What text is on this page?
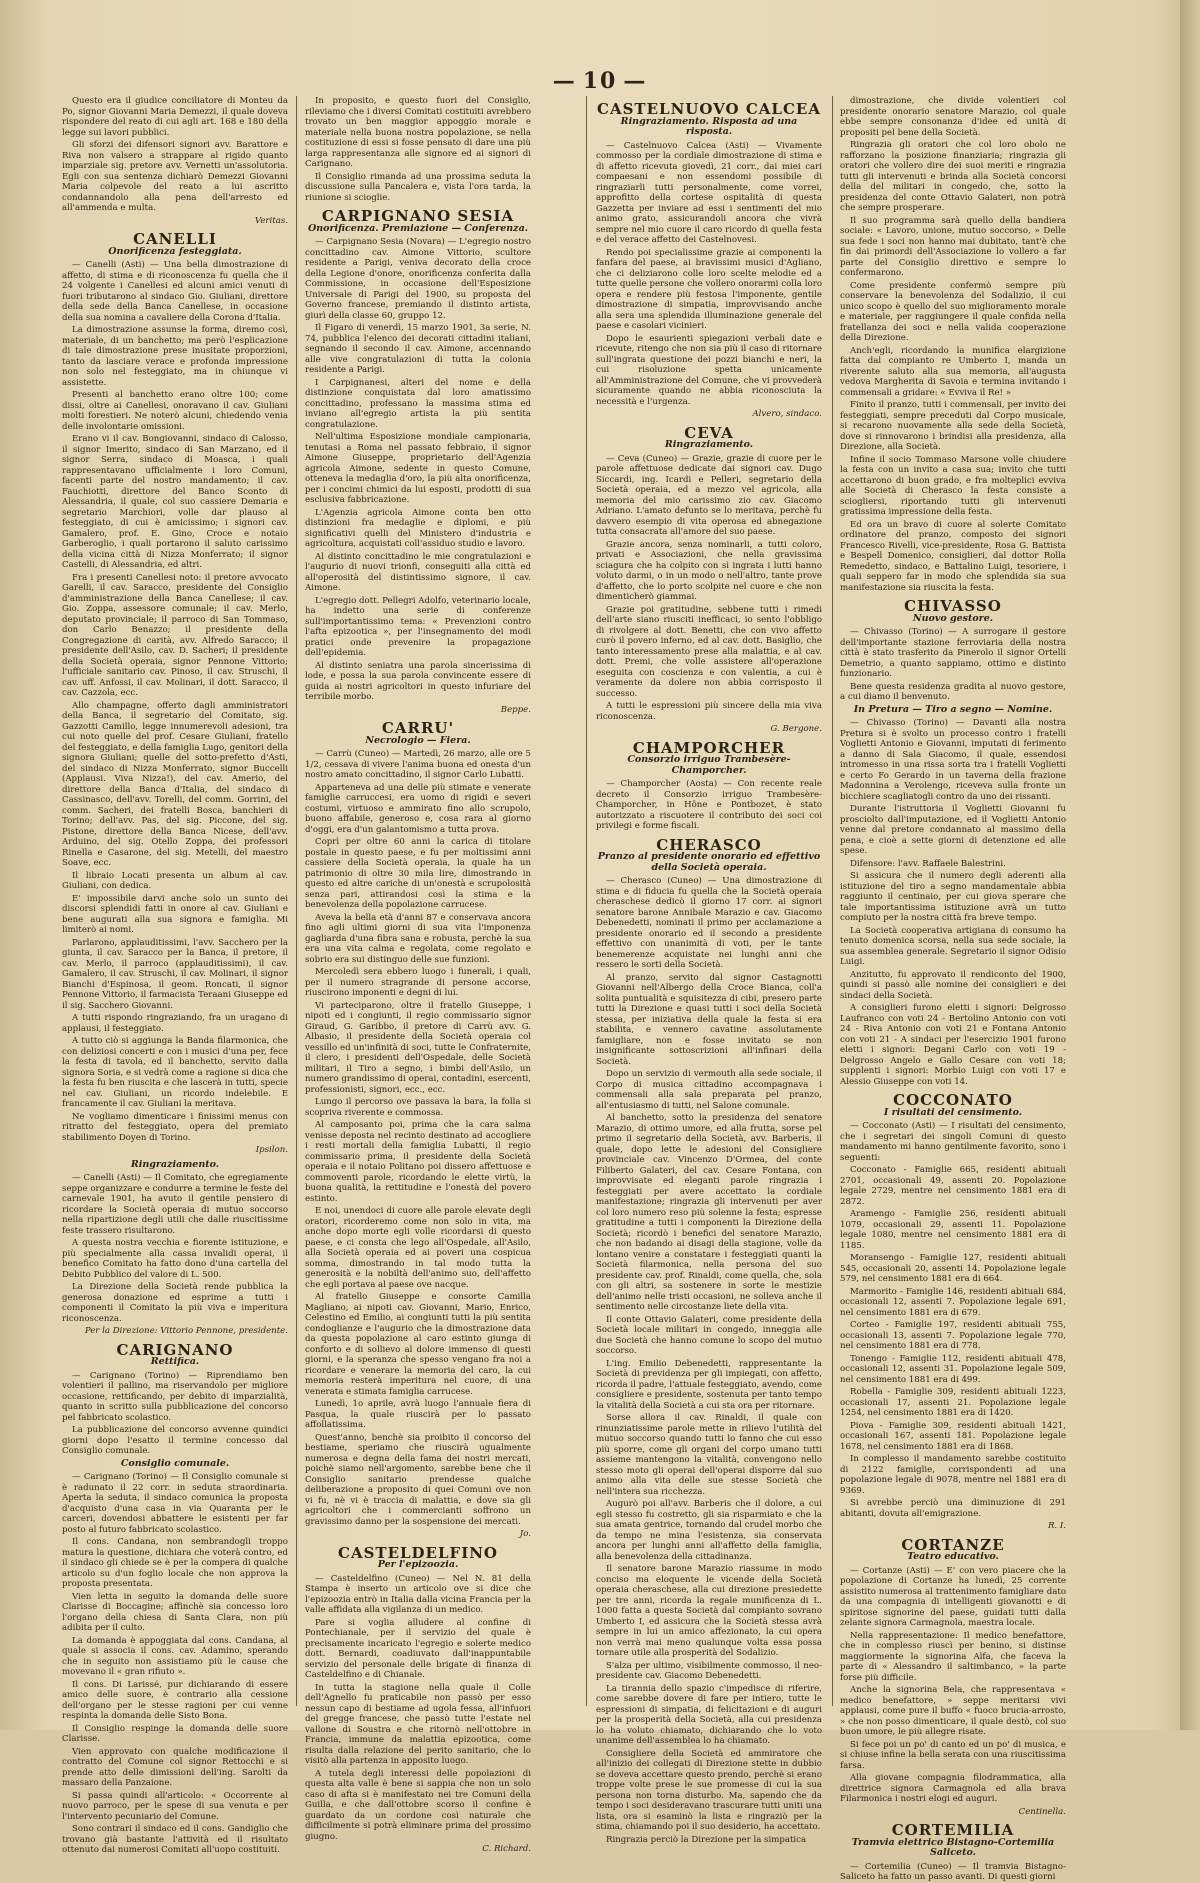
— 10 —

Questo era il giudice conciliatore di Monteu da Po, signor Giovanni Maria Demezzi, il quale doveva rispondere del reato di cui agli art. 168 e 180 della legge sui lavori pubblici.

Gli sforzi dei difensori signori avv. Barattore e Riva non valsero a strappare al rigido quanto imparziale sig. pretore avv. Vernetti un'assolutoria. Egli con sua sentenza dichiarò Demezzi Giovanni Maria colpevole del reato a lui ascritto condannandolo alla pena dell'arresto ed all'ammenda e multa.

Veritas.
CANELLI
Onorificenza festeggiata.

— Canelli (Asti) — Una bella dimostrazione di affetto, di stima e di riconoscenza fu quella che il 24 volgente i Canellesi ed alcuni amici venuti di fuori tributarono al sindaco Gio. Giuliani, direttore della sede della Banca Canellese, in occasione della sua nomina a cavaliere della Corona d'Italia.

La dimostrazione assunse la forma, diremo così, materiale, di un banchetto; ma però l'esplicazione di tale dimostrazione prese inusitate proporzioni, tanto da lasciare verace e profonda impressione non solo nel festeggiato, ma in chiunque vi assistette.

Presenti al banchetto erano oltre 100; come dissi, oltre ai Canellesi, onoravano il cav. Giuliani molti forestieri. Ne noterò alcuni, chiedendo venia delle involontarie omissioni.

Erano vi il cav. Bongiovanni, sindaco di Calosso, il signor Imerito, sindaco di San Marzano, ed il signor Serra, sindaco di Moasca, i quali rappresentavano ufficialmente i loro Comuni, facenti parte del nostro mandamento; il cav. Fauchiotti, direttore del Banco Sconto di Alessandria, il quale, col suo cassiere Demaria e segretario Marchiori, volle dar plauso al festeggiato, di cui è amicissimo; i signori cav. Gamalero, prof. E. Gino, Croce e notaio Garberoglio, i quali portarono il saluto carissimo della vicina città di Nizza Monferrato; il signor Castelli, di Alessandria, ed altri.

Fra i presenti Canellesi noto: il pretore avvocato Garelli, il cav. Saracco, presidente del Consiglio d'amministrazione della Banca Canellese; il cav. Gio. Zoppa, assessore comunale; il cav. Merlo, deputato provinciale; il parroco di San Tommaso, don Carlo Benazzo; il presidente della Congregazione di carità, avv. Alfredo Saracco; il presidente dell'Asilo, cav. D. Sacheri; il presidente della Società operaia, signor Pennone Vittorio; l'ufficiale sanitario cav. Pinoso, il cav. Struschi, il cav. uff. Anfossi, il cav. Molinari, il dott. Saracco, il cav. Cazzola, ecc.

Allo champagne, offerto dagli amministratori della Banca, il segretario del Comitato, sig. Gazzotti Camillo, legge innumerevoli adesioni, tra cui noto quelle del prof. Cesare Giuliani, fratello del festeggiato, e della famiglia Lugo, genitori della signora Giuliani; quelle del sotto-prefetto d'Asti, del sindaco di Nizza Monferrato, signor Buccelli (Applausi. Viva Nizza!), del cav. Amerio, del direttore della Banca d'Italia, del sindaco di Cassinasco, dell'avv. Torelli, del comm. Gorrini, del comm. Sacheri, dei fratelli Bosca, banchieri di Torino; dell'avv. Pas, del sig. Piccone, del sig. Pistone, direttore della Banca Nicese, dell'avv. Arduino, del sig. Otello Zoppa, dei professori Rinella e Casarone, del sig. Metelli, del maestro Soave, ecc.

Il libraio Locati presenta un album al cav. Giuliani, con dedica.

E' impossibile darvi anche solo un sunto dei discorsi splendidi fatti in onore al cav. Giuliani e bene augurati alla sua signora e famiglia. Mi limiterò ai nomi.

Parlarono, applauditissimi, l'avv. Sacchero per la giunta, il cav. Saracco per la Banca, il pretore, il cav. Merlo, il parroco (applauditissimi), il cav. Gamalero, il cav. Struschi, il cav. Molinari, il signor Bianchi d'Espinosa, il geom. Roncati, il signor Pennone Vittorio, il farmacista Teraani Giuseppe ed il sig. Sacchero Giovanni.

A tutti rispondo ringraziando, fra un uragano di applausi, il festeggiato.

A tutto ciò si aggiunga la Banda filarmonica, che con deliziosi concerti e con i musici d'una per, fece la festa di tavola, ed il banchetto, servito dalla signora Soria, e si vedrà come a ragione si dica che la festa fu ben riuscita e che lascerà in tutti, specie nel cav. Giuliani, un ricordo indelebile. E francamente il cav. Giuliani la meritava.

Ne vogliamo dimenticare i finissimi menus con ritratto del festeggiato, opera del premiato stabilimento Doyen di Torino.

Ipsilon.
Ringraziamento.

— Canelli (Asti) — Il Comitato, che egregiamente seppe organizzare e condurre a termine le feste del carnevale 1901, ha avuto il gentile pensiero di ricordare la Società operaia di mutuo soccorso nella ripartizione degli utili che dalle riuscitissime feste trassero risultarono.

A questa nostra vecchia e fiorente istituzione, e più specialmente alla cassa invalidi operai, il benefico Comitato ha fatto dono d'una cartella del Debito Pubblico del valore di L. 500.

La Direzione della Società rende pubblica la generosa donazione ed esprime a tutti i componenti il Comitato la più viva e imperitura riconoscenza.

Per la Direzione: Vittorio Pennone, presidente.
CARIGNANO
Rettifica.

— Carignano (Torino) — Riprendiamo ben volentieri il pallino, ma riservandolo per migliore occasione, rettificando, per debito di imparzialità, quanto in scritto sulla pubblicazione del concorso pel fabbricato scolastico.

La pubblicazione del concorso avvenne quindici giorni dopo l'esatto il termine concesso dal Consiglio comunale.

Consiglio comunale.

— Carignano (Torino) — Il Consiglio comunale si è radunato il 22 corr. in seduta straordinaria. Aperta la seduta, il sindaco comunica la proposta d'acquisto d'una casa in via Quaranta per le carceri, dovendosi abbattere le esistenti per far posto al futuro fabbricato scolastico.

Il cons. Candana, non sembrandogli troppo matura la questione, dichiara che voterà contro, ed il sindaco gli chiede se è per la compera di qualche articolo su d'un foglio locale che non approva la proposta presentata.

Vien letta in seguito la domanda delle suore Clarisse di Boccagine; affinchè sia concesso loro l'organo della chiesa di Santa Clara, non più adibita per il culto.

La domanda è appoggiata dal cons. Candana, al quale si associa il cons. cav. Adamino, sperando che in seguito non assistiamo più le cause che movevano il « gran rifiuto ».

Il cons. Di Larissé, pur dichiarando di essere amico delle suore, è contrario alla cessione dell'organo per le stesse ragioni per cui venne respinta la domanda delle Sisto Bona.

Il Consiglio respinge la domanda delle suore Clarisse.

Vien approvato con qualche modificazione il contratto del Comune col signor Rettocchi e si prende atto delle dimissioni dell'ing. Sarolti da massaro della Panzaione.

Si passa quindi all'articolo: « Occorrente al nuovo parroco, per le spese di sua venuta e per l'intervento pecuniario del Comune.

Sono contrari il sindaco ed il cons. Gandiglio che trovano già bastante l'attività ed il risultato ottenuto dai numerosi Comitati all'uopo costituiti.

In proposito, e questo fuori del Consiglio, rileviamo che i diversi Comitati costituiti avrebbero trovato un ben maggior appoggio morale e materiale nella buona nostra popolazione, se nella costituzione di essi si fosse pensato di dare una più larga rappresentanza alle signore ed ai signori di Carignano.

Il Consiglio rimanda ad una prossima seduta la discussione sulla Pancalera e, vista l'ora tarda, la riunione si scioglie.

CARPIGNANO SESIA
Onorificenza. Premiazione — Conferenza.

— Carpignano Sesia (Novara) — L'egregio nostro concittadino cav. Aimone Vittorio, scultore residente a Parigi, veniva decorato della croce della Legione d'onore, onorificenza conferita dalla Commissione, in occasione dell'Esposizione Universale di Parigi del 1900, su proposta del Governo francese, premiando il distinto artista, giurì della classe 60, gruppo 12.

Il Figaro di venerdì, 15 marzo 1901, 3a serie, N. 74, pubblica l'elenco dei decorati cittadini italiani, segnando il secondo il cav. Aimone, accennando alle vive congratulazioni di tutta la colonia residente a Parigi.

I Carpignanesi, alteri del nome e della distinzione conquistata dal loro amatissimo concittadino, professano la massima stima ed inviano all'egregio artista la più sentita congratulazione.

Nell'ultima Esposizione mondiale campionaria, tenutasi a Roma nel passato febbraio, il signor Aimone Giuseppe, proprietario dell'Agenzia agricola Aimone, sedente in questo Comune, otteneva la medaglia d'oro, la più alta onorificenza, per i concimi chimici da lui esposti, prodotti di sua esclusiva fabbricazione.

L'Agenzia agricola Aimone conta ben otto distinzioni fra medaglie e diplomi, e più significativi quelli del Ministero d'industria e agricoltura, acquistati coll'assiduo studio e lavoro.

Al distinto concittadino le mie congratulazioni e l'augurio di nuovi trionfi, conseguiti alla città ed all'operosità del distintissimo signore, il cav. Aimone.

L'egregio dott. Pellegri Adolfo, veterinario locale, ha indetto una serie di conferenze sull'importantissimo tema: « Prevenzioni contro l'afta epizootica », per l'insegnamento dei modi pratici onde prevenire la propagazione dell'epidemia.

Al distinto seniatra una parola sincerissima di lode, e possa la sua parola convincente essere di guida ai nostri agricoltori in questo infuriare del terribile morbo.

Beppe.
CARRU'
Necrologio — Fiera.

— Carrù (Cuneo) — Martedì, 26 marzo, alle ore 5 1/2, cessava di vivere l'anima buona ed onesta d'un nostro amato concittadino, il signor Carlo Lubatti.

Apparteneva ad una delle più stimate e venerate famiglie carruccesi, era uomo di rigidi e severi costumi, virtuoso e ammirato fino allo scrupolo, buono affabile, generoso e, cosa rara al giorno d'oggi, era d'un galantomismo a tutta prova.

Coprì per oltre 60 anni la carica di titolare postale in questo paese, e fu per moltissimi anni cassiere della Società operaia, la quale ha un patrimonio di oltre 30 mila lire, dimostrando in questo ed altre cariche di un'onestà e scrupolosità senza pari, attirandosi così la stima e la benevolenza della popolazione carrucese.

Aveva la bella età d'anni 87 e conservava ancora fino agli ultimi giorni di sua vita l'imponenza gagliarda d'una fibra sana e robusta, perchè la sua era una vita calma e regolata, come regolato e sobrio era sui distinguo delle sue funzioni.

Mercoledì sera ebbero luogo i funerali, i quali, per il numero stragrande di persone accorse, riuscirono imponenti e degni di lui.

Vi parteciparono, oltre il fratello Giuseppe, i nipoti ed i congiunti, il regio commissario signor Giraud, G. Garibbo, il pretore di Carrù avv. G. Albasio, il presidente della Società operaia col vessillo ed un'infinità di soci, tutte le Confraternite, il clero, i presidenti dell'Ospedale, delle Società militari, il Tiro a segno, i bimbi dell'Asilo, un numero grandissimo di operai, contadini, esercenti, professionisti, signori, ecc., ecc.

Lungo il percorso ove passava la bara, la folla si scopriva riverente e commossa.

Al camposanto poi, prima che la cara salma venisse deposta nel recinto destinato ad accogliere i resti mortali della famiglia Lubatti, il regio commissario prima, il presidente della Società operaia e il notaio Politano poi dissero affettuose e commoventi parole, ricordando le elette virtù, la buona qualità, la rettitudine e l'onestà del povero estinto.

E noi, unendoci di cuore alle parole elevate degli oratori, ricorderemo come non solo in vita, ma anche dopo morte egli volle ricordarsi di questo paese, e ci consta che lego all'Ospedale, all'Asilo, alla Società operaia ed ai poveri una cospicua somma, dimostrando in tal modo tutta la generosità e la nobiltà dell'animo suo, dell'affetto che egli portava al paese ove nacque.

Al fratello Giuseppe e consorte Camilla Magliano, ai nipoti cav. Giovanni, Mario, Enrico, Celestino ed Emilio, ai congiunti tutti la più sentita condoglianze e l'augurio che la dimostrazione data da questa popolazione al caro estinto giunga di conforto e di sollievo al dolore immenso di questi giorni, e la speranza che spesso vengano fra noi a ricordare e venerare la memoria del caro, la cui memoria resterà imperitura nel cuore, di una venerata e stimata famiglia carrucese.

Lunedì, 1o aprile, avrà luogo l'annuale fiera di Pasqua, la quale riuscirà per lo passato affollatissima.

Quest'anno, benchè sia proibito il concorso del bestiame, speriamo che riuscirà ugualmente numerosa e degna della fama dei nostri mercati, poichè siamo nell'argomento, sarebbe bene che il Consiglio sanitario prendesse qualche deliberazione a proposito di quei Comuni ove non vi fu, nè vi è traccia di malattia, e dove sia gli agricoltori che i commercianti soffrono un gravissimo danno per la sospensione dei mercati.

Jo.
CASTELDELFINO
Per l'epizoozia.

— Casteldelfino (Cuneo) — Nel N. 81 della Stampa è inserto un articolo ove si dice che l'epizoozia entrò in Italia dalla vicina Francia per la valle affidata alla vigilanza di un medico.

Pare si voglia alludere al confine di Pontechianale, per il servizio del quale è precisamente incaricato l'egregio e solerte medico dott. Bernardi, coadiuvato dall'inappuntabile servizio del personale delle brigate di finanza di Casteldelfino e di Chianale.

In tutta la stagione nella quale il Colle dell'Agnello fu praticabile non passò per esso nessun capo di bestiame ad ugola fessa, all'infuori del gregge francese, che passò tutte l'estate nel vallone di Soustra e che ritornò nell'ottobre in Francia, immune da malattia epizootica, come risulta dalla relazione del perito sanitario, che lo visitò alla partenza in apposito luogo.

A tutela degli interessi delle popolazioni di questa alta valle è bene si sappia che non un solo caso di afta si è manifestato nei tre Comuni della Guilla, e che dall'ottobre scorso il confine è guardato da un cordone così naturale che difficilmente si potrà eliminare prima del prossimo giugno.

C. Richard.
CASTELNUOVO CALCEA
Ringraziamento. Risposta ad una risposta.

— Castelnuovo Calcea (Asti) — Vivamente commosso per la cordiale dimostrazione di stima e di affetto ricevuta giovedì, 21 corr., dai miei cari compaesani e non essendomi possibile di ringraziarli tutti personalmente, come vorrei, approfitto della cortese ospitalità di questa Gazzetta per inviare ad essi i sentimenti del mio animo grato, assicurandoli ancora che vivrà sempre nel mio cuore il caro ricordo di quella festa e del verace affetto dei Castelnovesi.

Rendo poi specialissime grazie ai componenti la fanfara del paese, ai bravissimi musici d'Agliano, che ci deliziarono colle loro scelte melodie ed a tutte quelle persone che vollero onorarmi colla loro opera e rendere più festosa l'imponente, gentile dimostrazione di simpatia, improvvisando anche alla sera una splendida illuminazione generale del paese e casolari vicinieri.

Dopo le esaurienti spiegazioni verbali date e ricevute, ritengo che non sia più il caso di ritornare sull'ingrata questione dei pozzi bianchi e neri, la cui risoluzione spetta unicamente all'Amministrazione del Comune, che vi provvederà sicuramente quando ne abbia riconosciuta la necessità e l'urgenza.

Alvero, sindaco.
CEVA
Ringraziamento.

— Ceva (Cuneo) — Grazie, grazie di cuore per le parole affettuose dedicate dai signori cav. Dugo Siccardi, ing. Icardi e Pelleri, segretario della Società operaia, ed a mezzo vel agricola, alla memoria del mio carissimo zio cav. Giacomo Adriano. L'amato defunto se lo meritava, perchè fu davvero esempio di vita operosa ed abnegazione tutta consacrata all'amore del suo paese.

Grazie ancora, senza nominarli, a tutti coloro, privati e Associazioni, che nella gravissima sciagura che ha colpito con sì ingrata i lutti hanno voluto darmi, o in un modo o nell'altro, tante prove d'affetto, che lo porto scolpite nel cuore e che non dimenticherò giammai.

Grazie poi gratitudine, sebbene tutti i rimedi dell'arte siano riusciti inefficaci, io sento l'obbligo di rivolgere al dott. Benetti, che con vivo affetto curò il povero inferno, ed al cav. dott. Basiglio, che tanto interessamento prese alla malattia, e al cav. dott. Premi, che volle assistere all'operazione eseguita con coscienza e con valentia, a cui è veramente da dolere non abbia corrisposto il successo.

A tutti le espressioni più sincere della mia viva riconoscenza.

G. Bergone.
CHAMPORCHER
Consorzio irriguo Trambesère-Champorcher.

— Champorcher (Aosta) — Con recente reale decreto il Consorzio irriguo Trambesère-Champorcher, in Hône e Pontbozet, è stato autorizzato a riscuotere il contributo dei soci coi privilegi e forme fiscali.

CHERASCO
Pranzo al presidente onorario ed effettivo della Società operaia.

— Cherasco (Cuneo) — Una dimostrazione di stima e di fiducia fu quella che la Società operaia cheraschese dedicò il giorno 17 corr. ai signori senatore barone Annibale Marazio e cav. Giacomo Debenedetti, nominati il primo per acclamazione a presidente onorario ed il secondo a presidente effettivo con unanimità di voti, per le tante benemerenze acquistate nei lunghi anni che ressero le sorti della Società.

Al pranzo, servito dal signor Castagnotti Giovanni nell'Albergo della Croce Bianca, coll'a solita puntualità e squisitezza di cibi, presero parte tutti la Direzione e quasi tutti i soci della Società stessa, per iniziativa della quale la festa si era stabilita, e vennero cavatine assolutamente famigliare, non e fosse invitato se non insignificante sottoscrizioni all'infinari della Società.

Dopo un servizio di vermouth alla sede sociale, il Corpo di musica cittadino accompagnava i commensali alla sala preparata pel pranzo, all'entusiasmo di tutti, nel Salone comunale.

Al banchetto, sotto la presidenza del senatore Marazio, di ottimo umore, ed alla frutta, sorse pel primo il segretario della Società, avv. Barberis, il quale, dopo lette le adesioni del Consigliere provinciale cav. Vincenzo D'Ormea, del conte Filiberto Galateri, del cav. Cesare Fontana, con improvvisate ed eleganti parole ringrazia i festeggiati per avere accettato la cordiale manifestazione; ringrazia gli intervenuti per aver col loro numero reso più solenne la festa; espresse gratitudine a tutti i componenti la Direzione della Società; ricordò i benefici del senatore Marazio, che non badando ai disagi della stagione, volle da lontano venire a constatare i festeggiati quanti la Società filarmonica, nella persona del suo presidente cav. prof. Rinaldi, come quella, che, sola con gli altri, sa sostenere in sorte le mestizie dell'animo nelle tristi occasioni, ne solleva anche il sentimento nelle circostanze liete della vita.

Il conte Ottavio Galateri, come presidente della Società locale militari in congedo, inneggia alle due Società che hanno comune lo scopo del mutuo soccorso.

L'ing. Emilio Debenedetti, rappresentante la Società di previdenza per gli impiegati, con affetto, ricorda il padre, l'attuale festeggiato, avendo, come consigliere e presidente, sostenuta per tanto tempo la vitalità della Società a cui sta ora per ritornare.

Sorse allora il cav. Rinaldi, il quale con rinunziatissime parole mette in rilievo l'utilità del mutuo soccorso quando tutti lo fanno che cui esso più sporre, come gli organi del corpo umano tutti assieme mantengono la vitalità, convengono nello stesso moto gli operai dell'operai disporre dal suo animo alla vita delle sue stesse Società che nell'intera sua ricchezza.

Augurò poi all'avv. Barberis che il dolore, a cui egli stesso fu costretto, gli sia risparmiato e che la sua amata gentrice, tornando dal crudel morbo che da tempo ne mina l'esistenza, sia conservata ancora per lunghi anni all'affetto della famiglia, alla benevolenza della cittadinanza.

Il senatore barone Marazio riassume in modo conciso ma eloquente le vicende della Società operaia cheraschese, alla cui direzione presiedette per tre anni, ricorda la regale munificenza di L. 1000 fatta a questa Società dal compianto sovrano Umberto I, ed assicura che la Società stessa avrà sempre in lui un amico affezionato, la cui opera non verrà mai meno qualunque volta essa possa tornare utile alla prosperità del Sodalizio.

S'alza per ultimo, visibilmente commosso, il neo-presidente cav. Giacomo Debenedetti.

La tirannia dello spazio c'impedisce di riferire, come sarebbe dovere di fare per intiero, tutte le espressioni di simpatia, di felicitazioni e di auguri per la prosperità della Società, alla cui presidenza lo ha voluto chiamato, dichiarando che lo voto unanime dell'assemblea lo ha chiamato.

Consigliere della Società ed ammiratore che all'inizio dei collegati di Direzione stette in dubbio se doveva accettare questo prendo, perchè si erano troppe volte prese le sue promesse di cui la sua persona non torna disturbo. Ma, sapendo che da tempo i soci desideravano trascurare tutti uniti una lista, ora si esaminò la lista e ringraziò per la stima, chiamando poi il suo desiderio, ha accettato.

Ringrazia perciò la Direzione per la simpatica

dimostrazione, che divide volentieri col presidente onorario senatore Marazio, col quale ebbe sempre consonanza d'idee ed unità di propositi pel bene della Società.

Ringrazia gli oratori che col loro obolo ne rafforzano la posizione finanziaria; ringrazia gli oratori che vollero dire dei suoi meriti e ringrazia tutti gli intervenuti e brinda alla Società concorsi della del militari in congedo, che, sotto la presidenza del conte Ottavio Galateri, non potrà che sempre prosperare.

Il suo programma sarà quello della bandiera sociale: « Lavoro, unione, mutuo soccorso, » Delle sua fede i soci non hanno mai dubitato, tant'è che fin dai primordi dell'Associazione lo vollero a far parte del Consiglio direttivo e sempre lo confermarono.

Come presidente confermò sempre più conservare la benevolenza del Sodalizio, il cui unico scopo è quello del suo miglioramento morale e materiale, per raggiungere il quale confida nella fratellanza dei soci e nella valida cooperazione della Direzione.

Anch'egli, ricordando la munifica elargizione fatta dal compianto re Umberto I, manda un riverente saluto alla sua memoria, all'augusta vedova Margherita di Savoia e termina invitando i commensali a gridare: « Evviva il Re! »

Finito il pranzo, tutti i commensali, per invito dei festeggiati, sempre preceduti dal Corpo musicale, si recarono nuovamente alla sede della Società, dove si rinnovarono i brindisi alla presidenza, alla Direzione, alla Società.

Infine il socio Tommaso Marsone volle chiudere la festa con un invito a casa sua; invito che tutti accettarono di buon grado, e fra molteplici evviva alle Società di Cherasco la festa consiste a sciogliersi, riportando tutti gli intervenuti gratissima impressione della festa.

Ed ora un bravo di cuore al solerte Comitato ordinatore del pranzo, composto dei signori Francesco Rivelli, vice-presidente, Rosa G. Battista e Bespell Domenico, consiglieri, dal dottor Rolla Remedetto, sindaco, e Battalino Luigi, tesoriere, i quali seppero far in modo che splendida sia sua manifestazione sia riuscita la festa.

CHIVASSO
Nuovo gestore.

— Chivasso (Torino) — A surrogare il gestore dell'importante stazione ferroviaria della nostra città è stato trasferito da Pinerolo il signor Ortelli Demetrio, a quanto sappiamo, ottimo e distinto funzionario.

Bene questa residenza gradita al nuovo gestore, a cui diamo il benvenuto.

In Pretura — Tiro a segno — Nomine.

— Chivasso (Torino) — Davanti alla nostra Pretura si è svolto un processo contro i fratelli Voglietti Antonio e Giovanni, imputati di ferimento a danno di Sala Giacomo, il quale, essendosi intromesso in una rissa sorta tra i fratelli Voglietti e certo Fo Gerardo in un taverna della frazione Madonnina a Verolengo, riceveva sulla fronte un bicchiere scagliatogli contro da uno dei rissanti.

Durante l'istruttoria il Voglietti Giovanni fu prosciolto dall'imputazione, ed il Voglietti Antonio venne dal pretore condannato al massimo della pena, e cioè a sette giorni di detenzione ed alle spese.

Difensore: l'avv. Raffaele Balestrini.

Si assicura che il numero degli aderenti alla istituzione del tiro a segno mandamentale abbia raggiunto il centinaio, per cui giova sperare che tale importantissima istituzione avrà un tutto compiuto per la nostra città fra breve tempo.

La Società cooperativa artigiana di consumo ha tenuto domenica scorsa, nella sua sede sociale, la sua assemblea generale. Segretario il signor Odisio Luigi.

Anzitutto, fu approvato il rendiconto del 1900, quindi si passò alle nomine dei consiglieri e dei sindaci della Società.

A consiglieri furono eletti i signori: Delgrosso Laufranco con voti 24 - Bertolino Antonio con voti 24 - Riva Antonio con voti 21 e Fontana Antonio con voti 21 - A sindaci per l'esercizio 1901 furono eletti i signori: Degani Carlo con voti 19 - Delgrosso Angelo e Gallo Cesare con voti 18; supplenti i signori: Morbio Luigi con voti 17 e Alessio Giuseppe con voti 14.

COCCONATO
I risultati del censimento.

— Cocconato (Asti) — I risultati del censimento, che i segretari dei singoli Comuni di questo mandamento mi hanno gentilmente favorito, sono i seguenti:

Cocconato - Famiglie 665, residenti abituali 2701, occasionali 49, assenti 20. Popolazione legale 2729, mentre nel censimento 1881 era di 2872.

Aramengo - Famiglie 256, residenti abituali 1079, occasionali 29, assenti 11. Popolazione legale 1080, mentre nel censimento 1881 era di 1185.

Moransengo - Famiglie 127, residenti abituali 545, occasionali 20, assenti 14. Popolazione legale 579, nel censimento 1881 era di 664.

Marmorito - Famiglie 146, residenti abituali 684, occasionali 12, assenti 7. Popolazione legale 691, nel censimento 1881 era di 679.

Corteo - Famiglie 197, residenti abituali 755, occasionali 13, assenti 7. Popolazione legale 770, nel censimento 1881 era di 778.

Tonengo - Famiglie 112, residenti abituali 478, occasionali 12, assenti 31. Popolazione legale 509, nel censimento 1881 era di 499.

Robella - Famiglie 309, residenti abituali 1223, occasionali 17, assenti 21. Popolazione legale 1254, nel censimento 1881 era di 1420.

Piova - Famiglie 309, residenti abituali 1421, occasionali 167, assenti 181. Popolazione legale 1678, nel censimento 1881 era di 1868.

In complesso il mandamento sarebbe costituito di 2122 famiglie, corrispondenti ad una popolazione legale di 9078, mentre nel 1881 era di 9369.

Si avrebbe perciò una diminuzione di 291 abitanti, dovuta all'emigrazione.

R. I.
CORTANZE
Teatro educativo.

— Cortanze (Asti) — E' con vero piacere che la popolazione di Cortanze ha lunedì, 25 corrente assistito numerosa al trattenimento famigliare dato da una compagnia di intelligenti giovanotti e di spiritose signorine del paese, guidati tutti dalla zelante signora Carmagnola, maestra locale.

Nella rappresentazione: Il medico benefattore, che in complesso riuscì per benino, si distinse maggiormente la signorina Alfa, che faceva la parte di « Alessandro il saltimbanco, » la parte forse più difficile.

Anche la signorina Bela, che rappresentava « medico benefattore, » seppe meritarsi vivi applausi, come pure il buffo « fuoco brucia-arrosto, » che non posso dimenticare, il quale destò, col suo buon umore, le più allegre risate.

Si fece poi un po' di canto ed un po' di musica, e si chiuse infine la bella serata con una riuscitissima farsa.

Alla giovane compagnia filodrammatica, alla direttrice signora Carmagnola ed alla brava Filarmonica i nostri elogi ed auguri.

Centinella.
CORTEMILIA
Tramvia elettrico Bistagno-Cortemilia Saliceto.

— Cortemilia (Cuneo) — Il tramvia Bistagno-Saliceto ha fatto un passo avanti. Di questi giorni
